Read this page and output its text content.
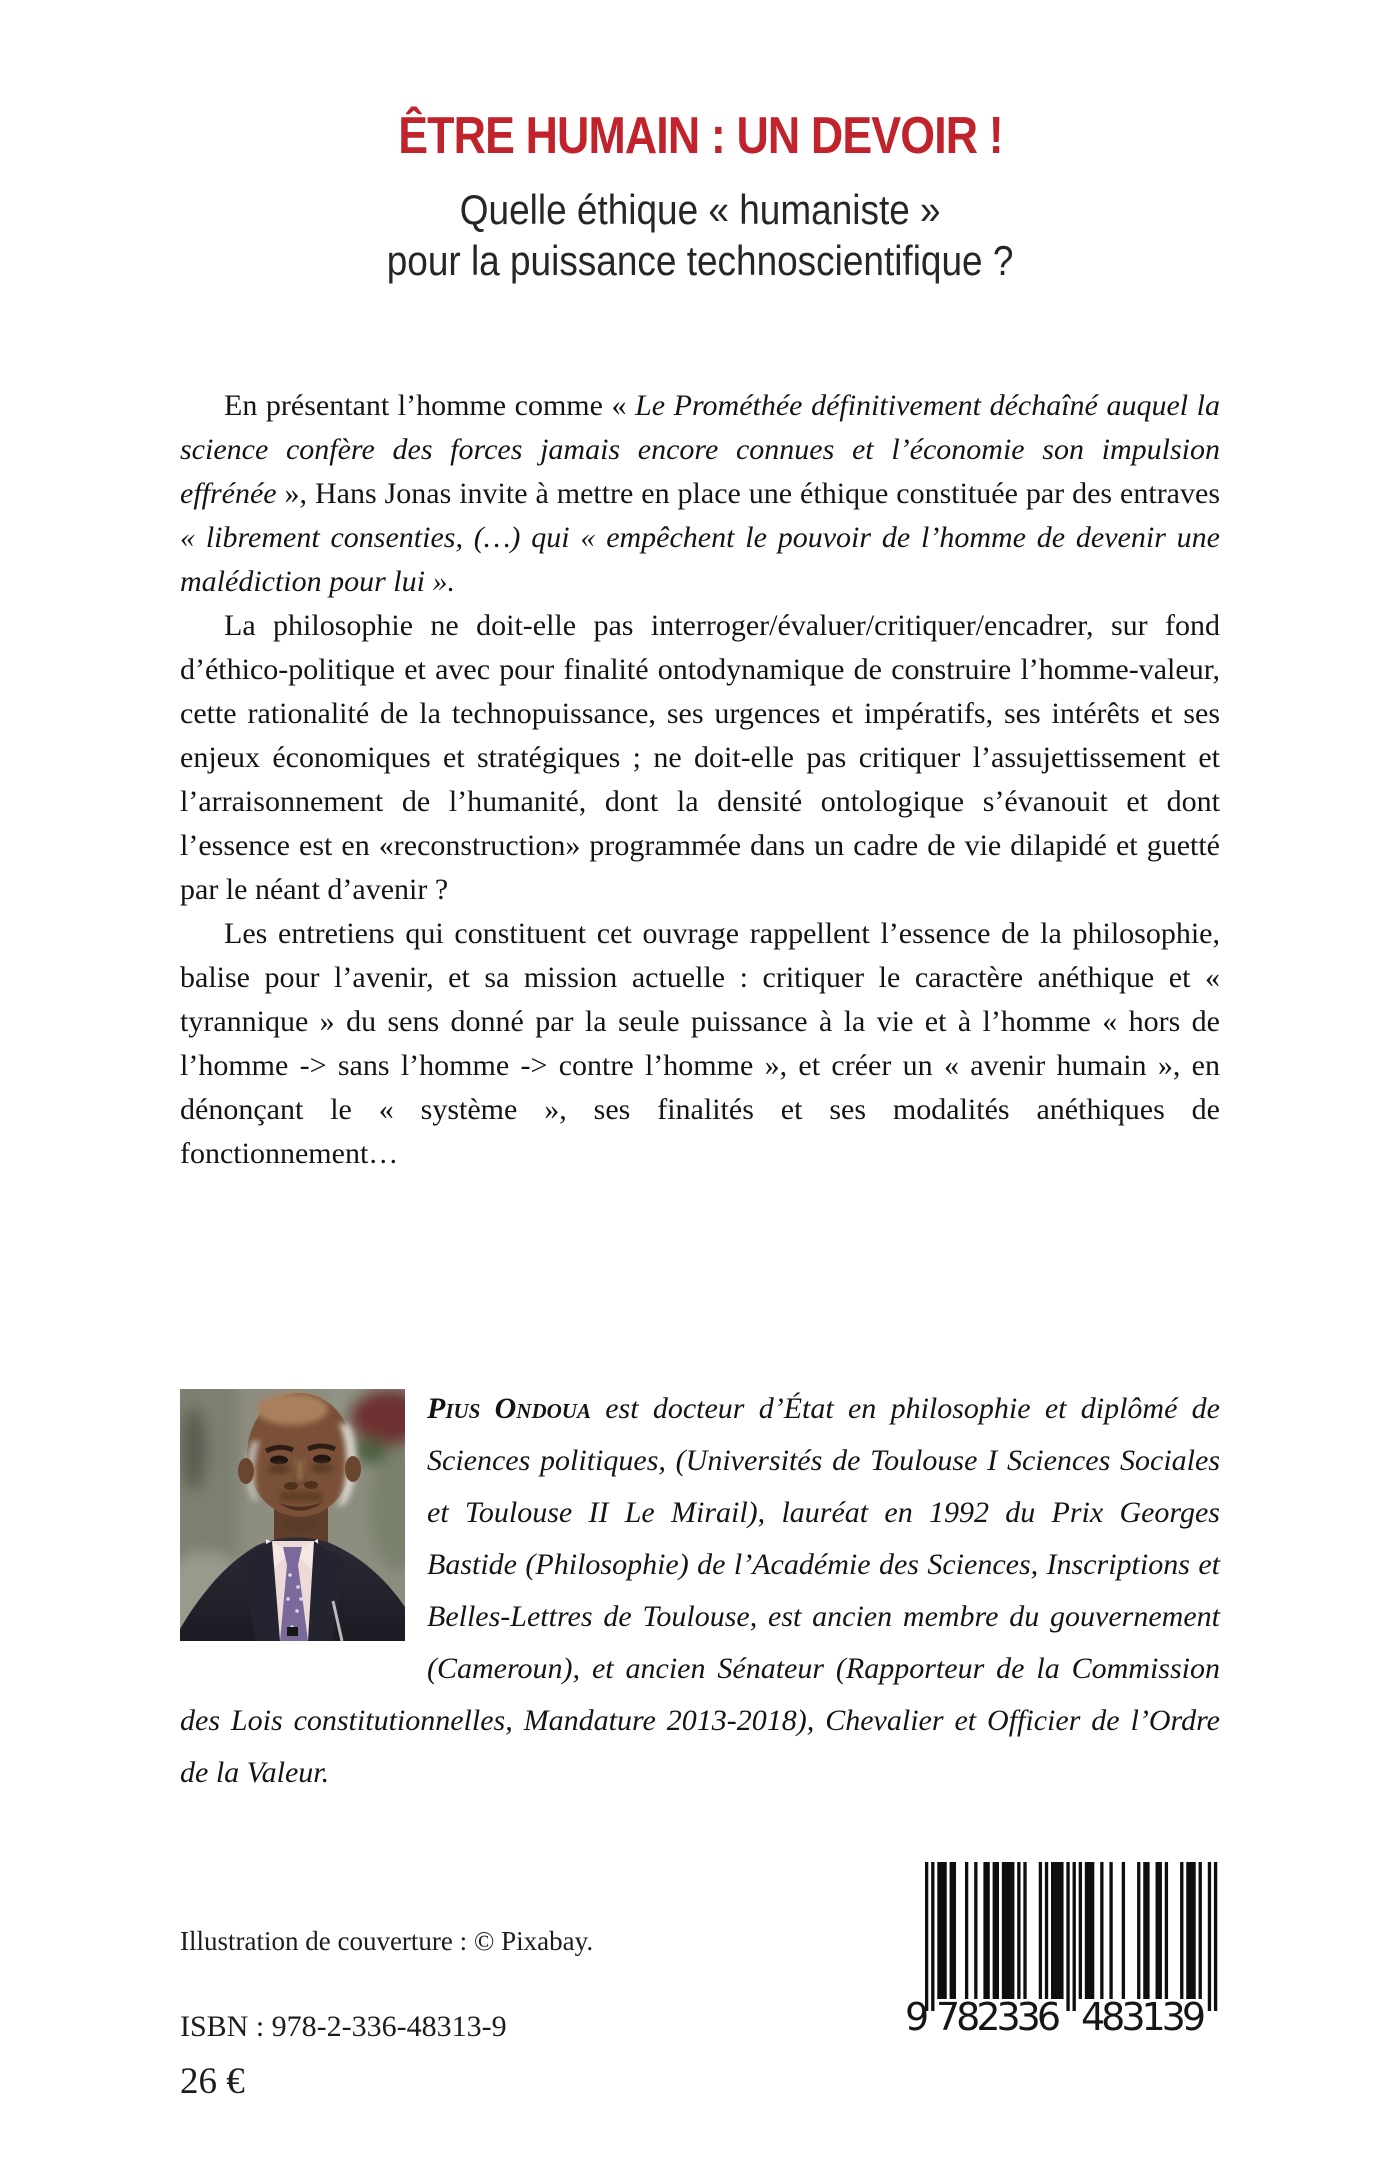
ÊTRE HUMAIN : UN DEVOIR !
Quelle éthique « humaniste »
pour la puissance technoscientifique ?

En présentant l’homme comme « Le Prométhée définitivement déchaîné auquel la science confère des forces jamais encore connues et l’économie son impulsion effrénée », Hans Jonas invite à mettre en place une éthique constituée par des entraves « librement consenties, (…) qui « empêchent le pouvoir de l’homme de devenir une malédiction pour lui ».

La philosophie ne doit-elle pas interroger/évaluer/critiquer/encadrer, sur fond d’éthico-politique et avec pour finalité ontodynamique de construire l’homme-valeur, cette rationalité de la technopuissance, ses urgences et impératifs, ses intérêts et ses enjeux économiques et stratégiques ; ne doit-elle pas critiquer l’assujettissement et l’arraisonnement de l’humanité, dont la densité ontologique s’évanouit et dont l’essence est en «reconstruction» programmée dans un cadre de vie dilapidé et guetté par le néant d’avenir ?

Les entretiens qui constituent cet ouvrage rappellent l’essence de la philosophie, balise pour l’avenir, et sa mission actuelle : critiquer le caractère anéthique et « tyrannique » du sens donné par la seule puissance à la vie et à l’homme « hors de l’homme -> sans l’homme -> contre l’homme », et créer un « avenir humain », en dénonçant le « système », ses finalités et ses modalités anéthiques de fonctionnement…

Pius Ondoua est docteur d’État en philosophie et diplômé de Sciences politiques, (Universités de Toulouse I Sciences Sociales et Toulouse II Le Mirail), lauréat en 1992 du Prix Georges Bastide (Philosophie) de l’Académie des Sciences, Inscriptions et Belles-Lettres de Toulouse, est ancien membre du gouvernement (Cameroun), et ancien Sénateur (Rapporteur de la Commission des Lois constitutionnelles, Mandature 2013-2018), Chevalier et Officier de l’Ordre de la Valeur.
Illustration de couverture : © Pixabay.
ISBN : 978-2-336-48313-9
26 €
9 782336 483139
